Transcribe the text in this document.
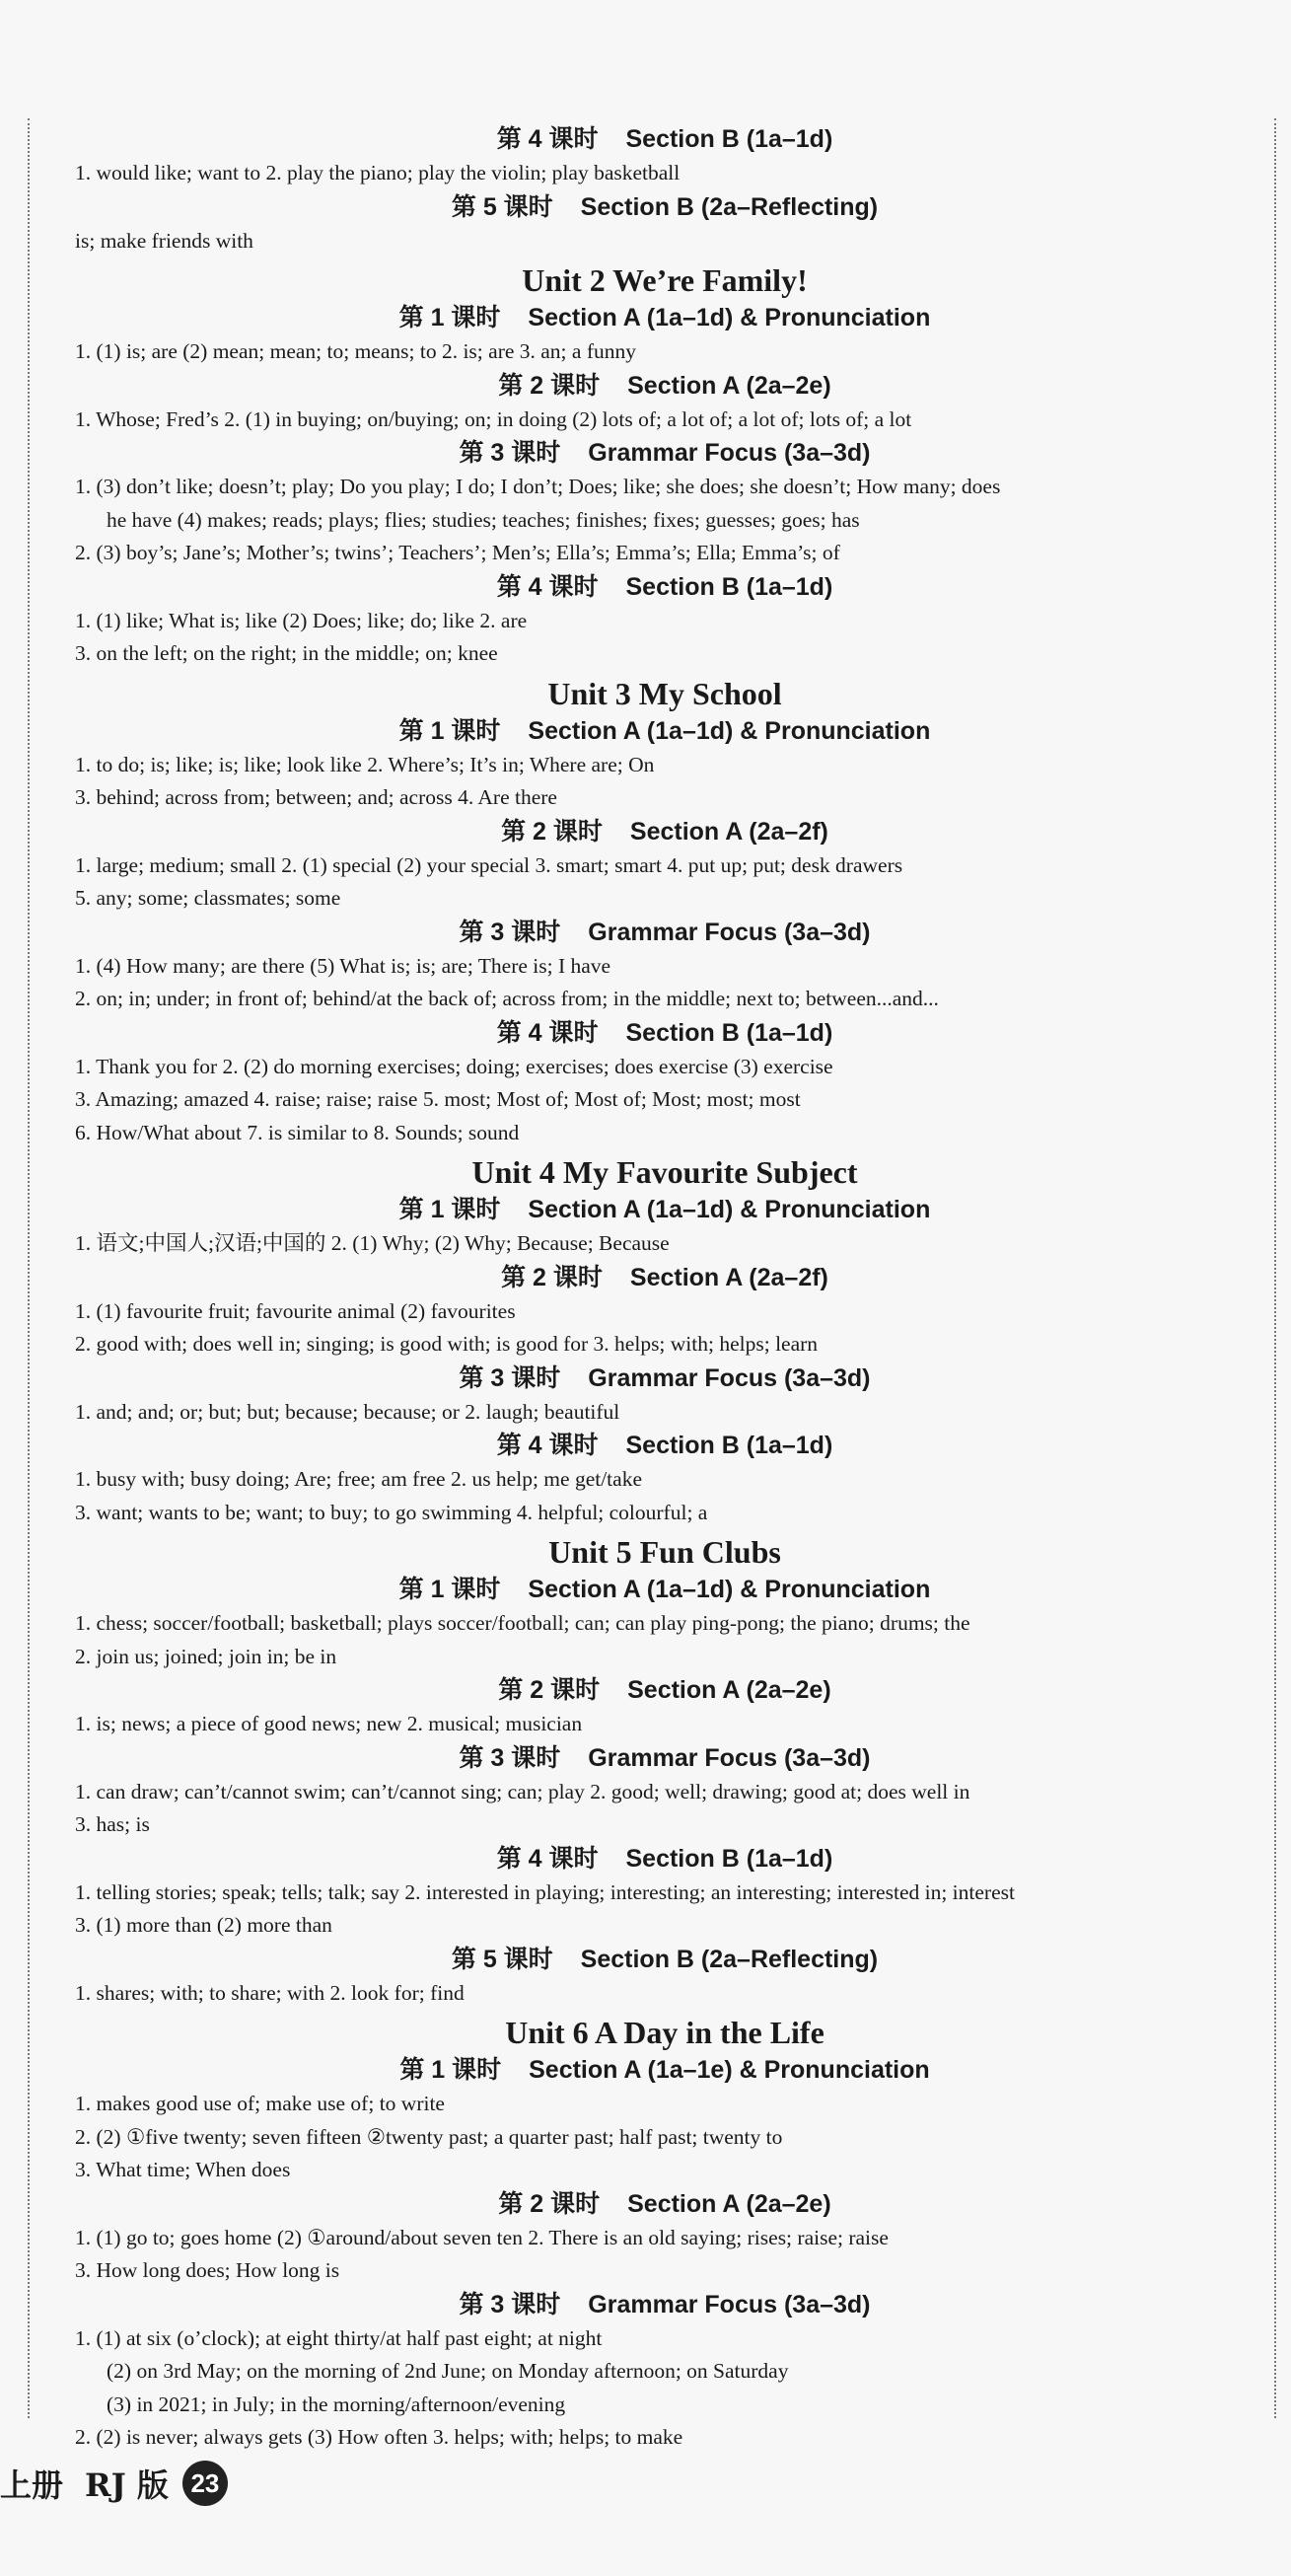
第 4 课时 Section B (1a–1d)
1. would like; want to 2. play the piano; play the violin; play basketball
第 5 课时 Section B (2a–Reflecting)
is; make friends with
Unit 2 We’re Family!
第 1 课时 Section A (1a–1d) & Pronunciation
1. (1) is; are (2) mean; mean; to; means; to 2. is; are 3. an; a funny
第 2 课时 Section A (2a–2e)
1. Whose; Fred’s 2. (1) in buying; on/buying; on; in doing (2) lots of; a lot of; a lot of; lots of; a lot
第 3 课时 Grammar Focus (3a–3d)
1. (3) don’t like; doesn’t; play; Do you play; I do; I don’t; Does; like; she does; she doesn’t; How many; does
he have (4) makes; reads; plays; flies; studies; teaches; finishes; fixes; guesses; goes; has
2. (3) boy’s; Jane’s; Mother’s; twins’; Teachers’; Men’s; Ella’s; Emma’s; Ella; Emma’s; of
第 4 课时 Section B (1a–1d)
1. (1) like; What is; like (2) Does; like; do; like 2. are
3. on the left; on the right; in the middle; on; knee
Unit 3 My School
第 1 课时 Section A (1a–1d) & Pronunciation
1. to do; is; like; is; like; look like 2. Where’s; It’s in; Where are; On
3. behind; across from; between; and; across 4. Are there
第 2 课时 Section A (2a–2f)
1. large; medium; small 2. (1) special (2) your special 3. smart; smart 4. put up; put; desk drawers
5. any; some; classmates; some
第 3 课时 Grammar Focus (3a–3d)
1. (4) How many; are there (5) What is; is; are; There is; I have
2. on; in; under; in front of; behind/at the back of; across from; in the middle; next to; between...and...
第 4 课时 Section B (1a–1d)
1. Thank you for 2. (2) do morning exercises; doing; exercises; does exercise (3) exercise
3. Amazing; amazed 4. raise; raise; raise 5. most; Most of; Most of; Most; most; most
6. How/What about 7. is similar to 8. Sounds; sound
Unit 4 My Favourite Subject
第 1 课时 Section A (1a–1d) & Pronunciation
1. 语文;中国人;汉语;中国的 2. (1) Why; (2) Why; Because; Because
第 2 课时 Section A (2a–2f)
1. (1) favourite fruit; favourite animal (2) favourites
2. good with; does well in; singing; is good with; is good for 3. helps; with; helps; learn
第 3 课时 Grammar Focus (3a–3d)
1. and; and; or; but; but; because; because; or 2. laugh; beautiful
第 4 课时 Section B (1a–1d)
1. busy with; busy doing; Are; free; am free 2. us help; me get/take
3. want; wants to be; want; to buy; to go swimming 4. helpful; colourful; a
Unit 5 Fun Clubs
第 1 课时 Section A (1a–1d) & Pronunciation
1. chess; soccer/football; basketball; plays soccer/football; can; can play ping-pong; the piano; drums; the
2. join us; joined; join in; be in
第 2 课时 Section A (2a–2e)
1. is; news; a piece of good news; new 2. musical; musician
第 3 课时 Grammar Focus (3a–3d)
1. can draw; can’t/cannot swim; can’t/cannot sing; can; play 2. good; well; drawing; good at; does well in
3. has; is
第 4 课时 Section B (1a–1d)
1. telling stories; speak; tells; talk; say 2. interested in playing; interesting; an interesting; interested in; interest
3. (1) more than (2) more than
第 5 课时 Section B (2a–Reflecting)
1. shares; with; to share; with 2. look for; find
Unit 6 A Day in the Life
第 1 课时 Section A (1a–1e) & Pronunciation
1. makes good use of; make use of; to write
2. (2) ①five twenty; seven fifteen ②twenty past; a quarter past; half past; twenty to
3. What time; When does
第 2 课时 Section A (2a–2e)
1. (1) go to; goes home (2) ①around/about seven ten 2. There is an old saying; rises; raise; raise
3. How long does; How long is
第 3 课时 Grammar Focus (3a–3d)
1. (1) at six (o’clock); at eight thirty/at half past eight; at night
(2) on 3rd May; on the morning of 2nd June; on Monday afternoon; on Saturday
(3) in 2021; in July; in the morning/afternoon/evening
2. (2) is never; always gets (3) How often 3. helps; with; helps; to make
上册 RJ 版 23
